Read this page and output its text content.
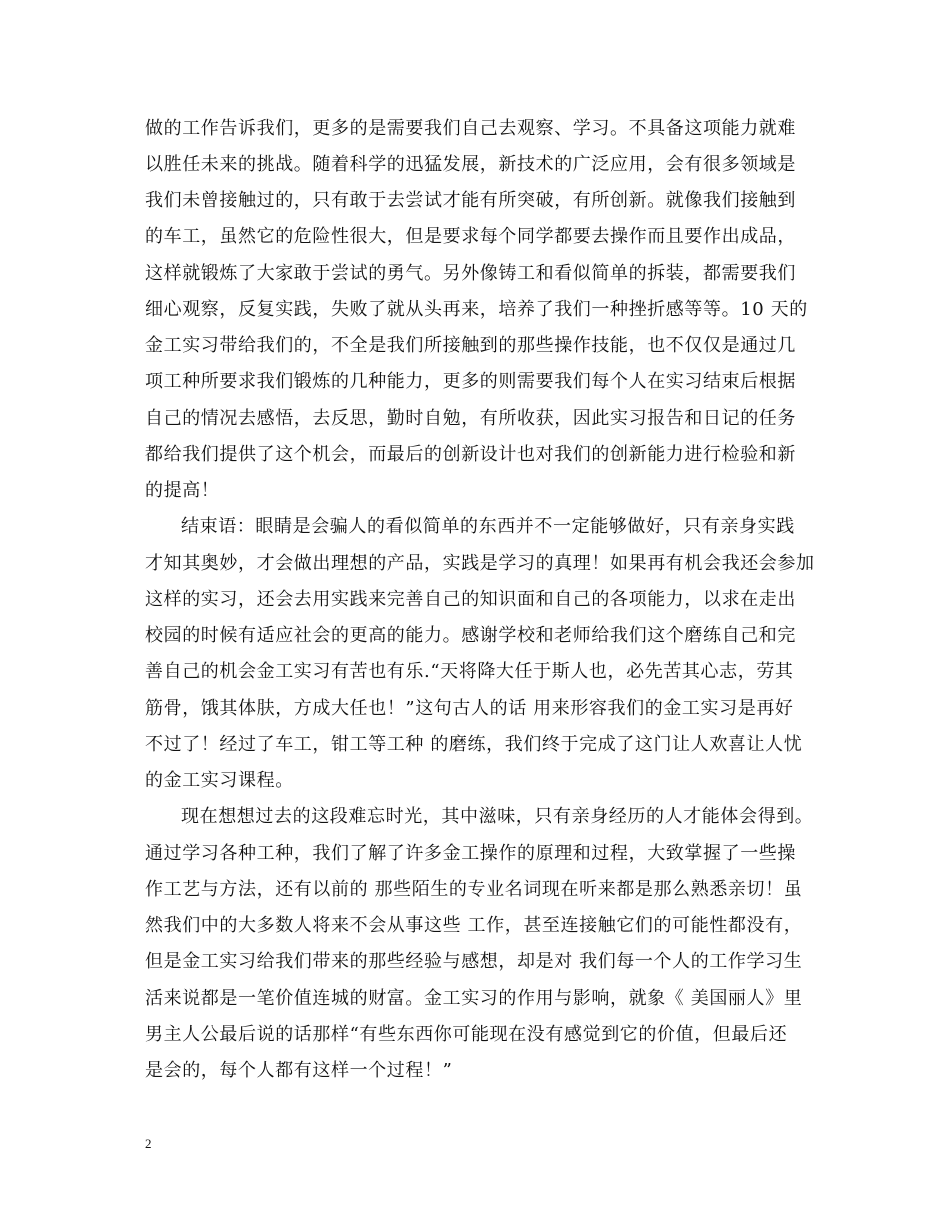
做的工作告诉我们，更多的是需要我们自己去观察、学习。不具备这项能力就难
以胜任未来的挑战。随着科学的迅猛发展，新技术的广泛应用，会有很多领域是
我们未曾接触过的，只有敢于去尝试才能有所突破，有所创新。就像我们接触到
的车工，虽然它的危险性很大，但是要求每个同学都要去操作而且要作出成品，
这样就锻炼了大家敢于尝试的勇气。另外像铸工和看似简单的拆装，都需要我们
细心观察，反复实践，失败了就从头再来，培养了我们一种挫折感等等。10 天的
金工实习带给我们的，不全是我们所接触到的那些操作技能，也不仅仅是通过几
项工种所要求我们锻炼的几种能力，更多的则需要我们每个人在实习结束后根据
自己的情况去感悟，去反思，勤时自勉，有所收获，因此实习报告和日记的任务
都给我们提供了这个机会，而最后的创新设计也对我们的创新能力进行检验和新
的提高！
结束语：眼睛是会骗人的看似简单的东西并不一定能够做好，只有亲身实践
才知其奥妙，才会做出理想的产品，实践是学习的真理！如果再有机会我还会参加
这样的实习，还会去用实践来完善自己的知识面和自己的各项能力，以求在走出
校园的时候有适应社会的更高的能力。感谢学校和老师给我们这个磨练自己和完
善自己的机会金工实习有苦也有乐.“天将降大任于斯人也，必先苦其心志，劳其
筋骨，饿其体肤，方成大任也！”这句古人的话 用来形容我们的金工实习是再好
不过了！经过了车工，钳工等工种 的磨练，我们终于完成了这门让人欢喜让人忧
的金工实习课程。
现在想想过去的这段难忘时光，其中滋味，只有亲身经历的人才能体会得到。
通过学习各种工种，我们了解了许多金工操作的原理和过程，大致掌握了一些操
作工艺与方法，还有以前的 那些陌生的专业名词现在听来都是那么熟悉亲切！虽
然我们中的大多数人将来不会从事这些 工作，甚至连接触它们的可能性都没有，
但是金工实习给我们带来的那些经验与感想，却是对 我们每一个人的工作学习生
活来说都是一笔价值连城的财富。金工实习的作用与影响，就象《 美国丽人》里
男主人公最后说的话那样“有些东西你可能现在没有感觉到它的价值，但最后还
是会的，每个人都有这样一个过程！”
2
